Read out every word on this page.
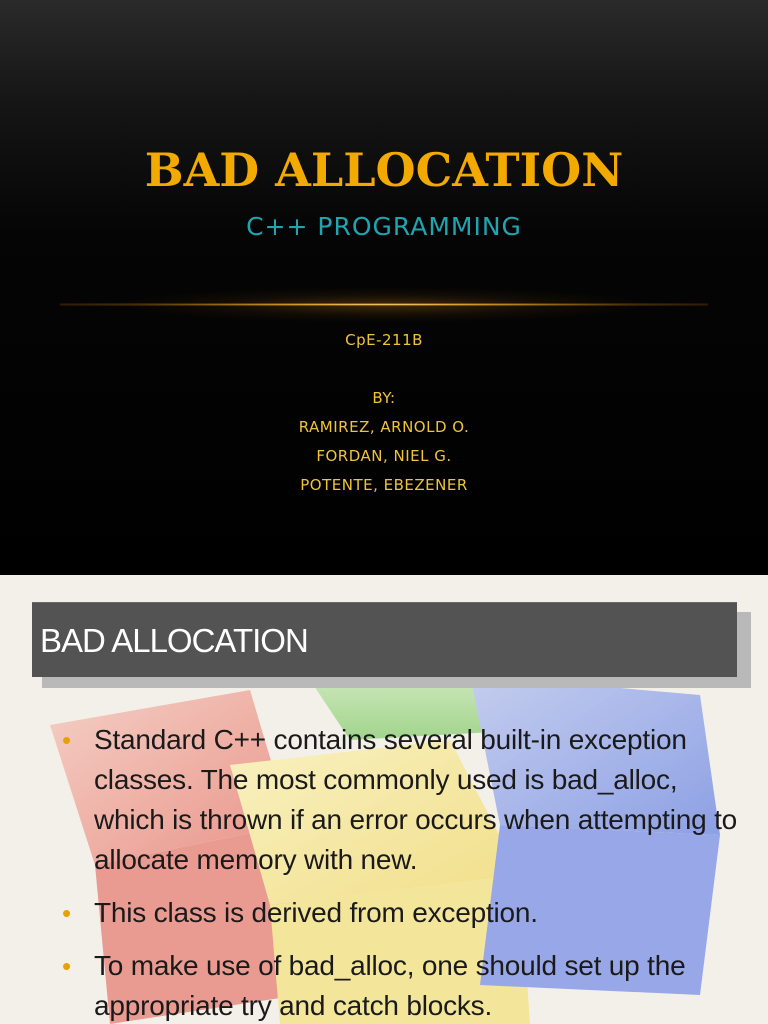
BAD ALLOCATION
C++ PROGRAMMING
CpE-211B
BY:
RAMIREZ, ARNOLD O.
FORDAN, NIEL G.
POTENTE, EBEZENER
BAD ALLOCATION
• Standard C++ contains several built-in exception classes. The most commonly used is bad_alloc, which is thrown if an error occurs when attempting to allocate memory with new.
• This class is derived from exception.
• To make use of bad_alloc, one should set up the appropriate try and catch blocks.
